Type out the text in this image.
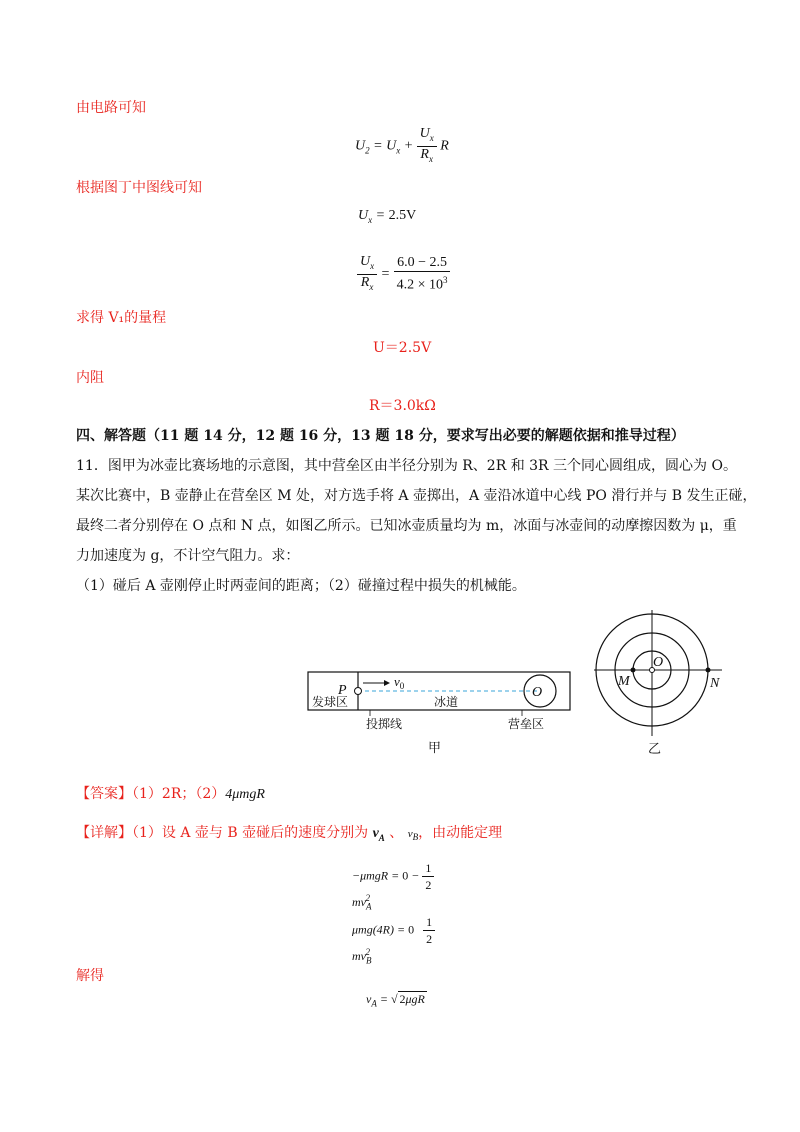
由电路可知
$U_2 = U_x + \frac{U_x}{R_x}$ R
根据图丁中图线可知
$U_x = 2.5V$
$\frac{U_x}{R_x} = \frac{6.0 - 2.5}{4.2 \times 10^3}$
求得 V₁的量程
U＝2.5V
内阻
R＝3.0kΩ
四、解答题（11 题 14 分，12 题 16 分，13 题 18 分，要求写出必要的解题依据和推导过程）
11．图甲为冰壶比赛场地的示意图，其中营垒区由半径分别为 R、2R 和 3R 三个同心圆组成，圆心为 O。
某次比赛中，B 壶静止在营垒区 M 处，对方选手将 A 壶掷出，A 壶沿冰道中心线 PO 滑行并与 B 发生正碰，
最终二者分别停在 O 点和 N 点，如图乙所示。已知冰壶质量均为 m，冰面与冰壶间的动摩擦因数为 μ，重
力加速度为 g，不计空气阻力。求：
（1）碰后 A 壶刚停止时两壶间的距离；（2）碰撞过程中损失的机械能。
P
$v_0$	O
发球区	冰道
投掷线	营垒区
甲
O
M	N
乙
【答案】（1）2R；（2）4μmgR
【详解】（1）设 A 壶与 B 壶碰后的速度分别为 $v_A$ 、 $v_B$，由动能定理
$-\mu mgR = 0 - \frac{1}{2}$
$mv_A^2$
$\mu mg(4R) = 0 \frac{1}{2}$
$mv_B^2$
解得
$v_A$ = √ 2μgR
